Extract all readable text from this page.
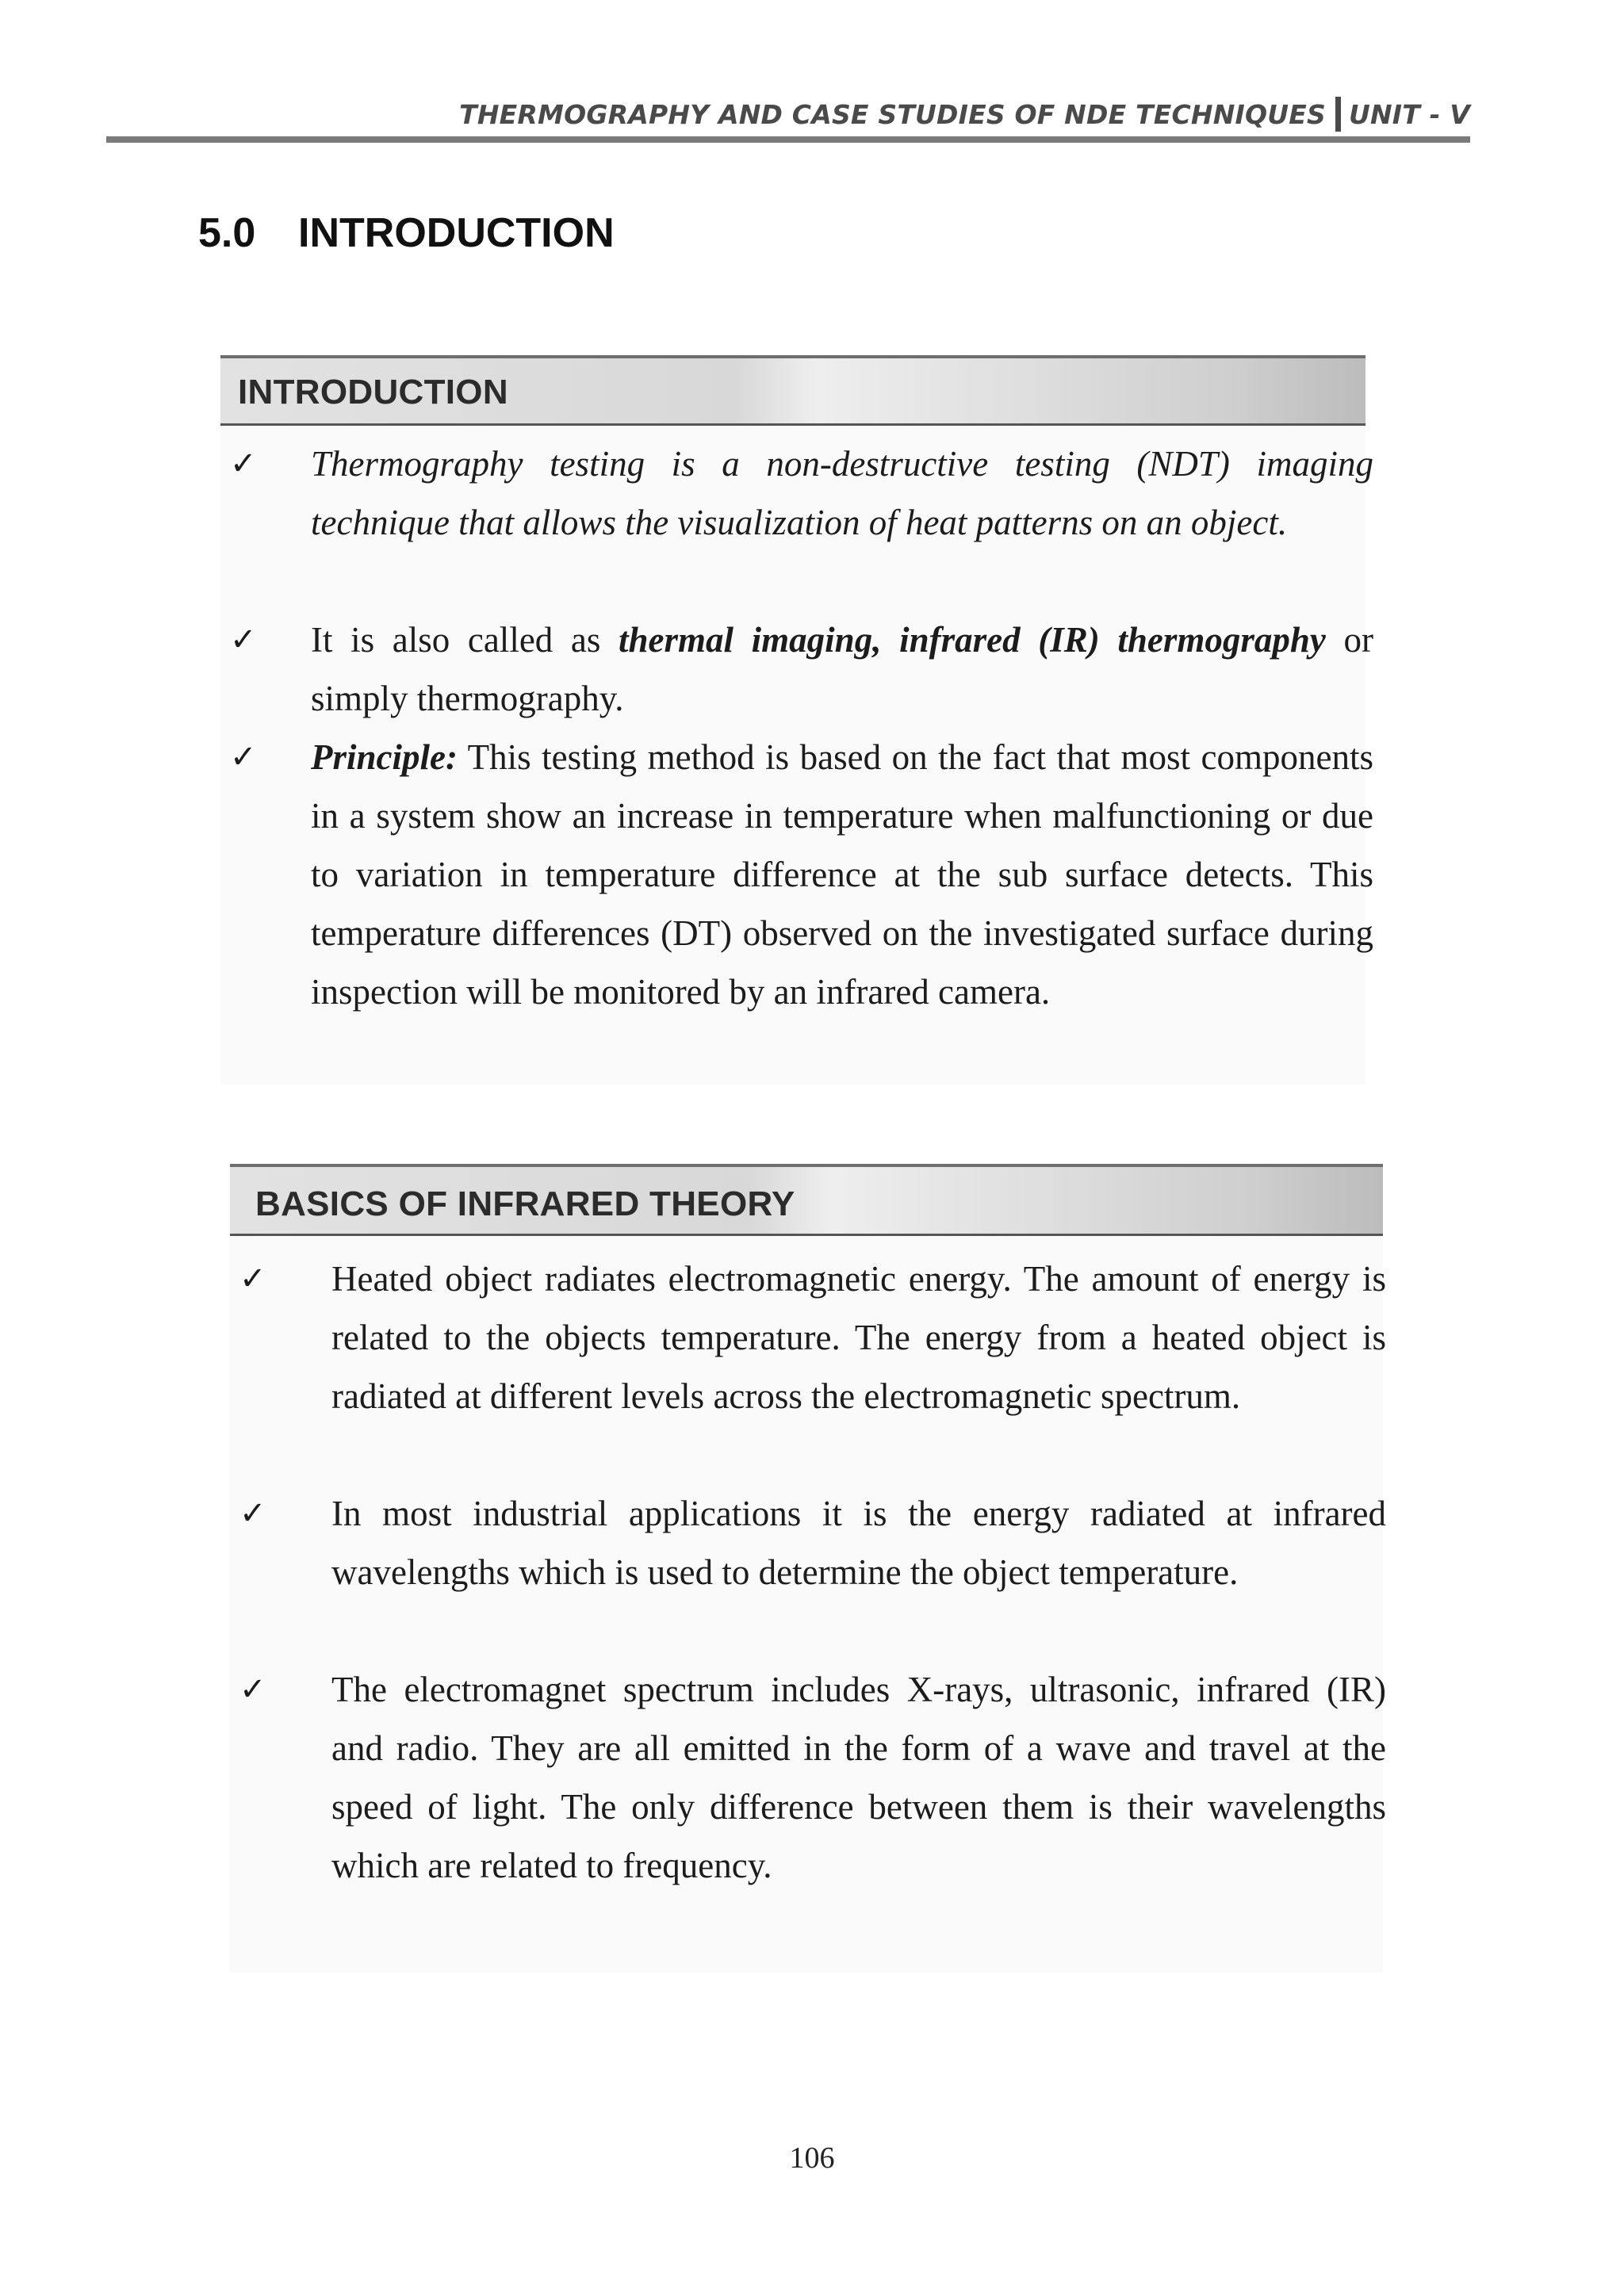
THERMOGRAPHY AND CASE STUDIES OF NDE TECHNIQUES UNIT - V
5.0 INTRODUCTION
INTRODUCTION
✓ Thermography testing is a non-destructive testing (NDT) imaging technique that allows the visualization of heat patterns on an object.
✓ It is also called as thermal imaging, infrared (IR) thermography or simply thermography.
✓ Principle: This testing method is based on the fact that most components in a system show an increase in temperature when malfunctioning or due to variation in temperature difference at the sub surface detects. This temperature differences (DT) observed on the investigated surface during inspection will be monitored by an infrared camera.
BASICS OF INFRARED THEORY
✓ Heated object radiates electromagnetic energy. The amount of energy is related to the objects temperature. The energy from a heated object is radiated at different levels across the electromagnetic spectrum.
✓ In most industrial applications it is the energy radiated at infrared wavelengths which is used to determine the object temperature.
✓ The electromagnet spectrum includes X-rays, ultrasonic, infrared (IR) and radio. They are all emitted in the form of a wave and travel at the speed of light. The only difference between them is their wavelengths which are related to frequency.
106
